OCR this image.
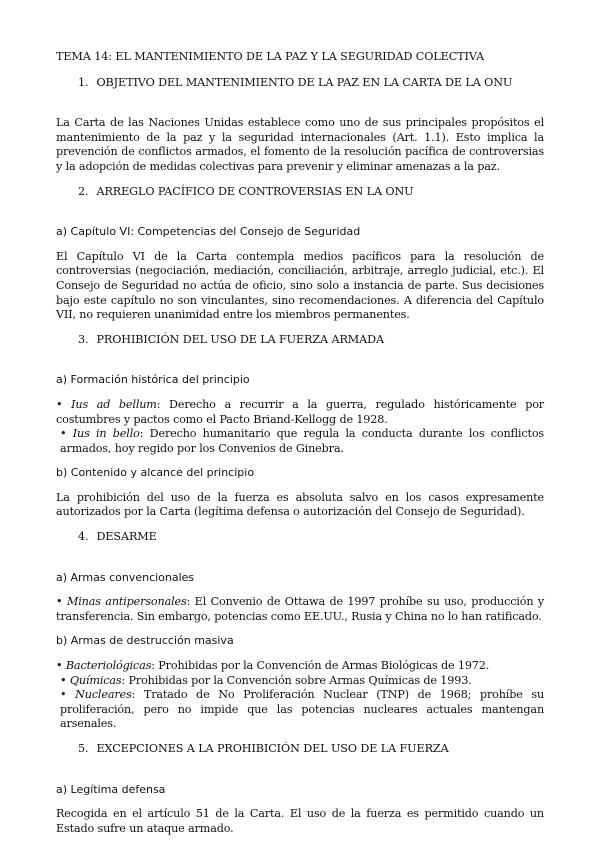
TEMA 14: EL MANTENIMIENTO DE LA PAZ Y LA SEGURIDAD COLECTIVA

1. OBJETIVO DEL MANTENIMIENTO DE LA PAZ EN LA CARTA DE LA ONU

La Carta de las Naciones Unidas establece como uno de sus principales propósitos el mantenimiento de la paz y la seguridad internacionales (Art. 1.1). Esto implica la prevención de conflictos armados, el fomento de la resolución pacífica de controversias y la adopción de medidas colectivas para prevenir y eliminar amenazas a la paz.

2. ARREGLO PACÍFICO DE CONTROVERSIAS EN LA ONU

a) Capítulo VI: Competencias del Consejo de Seguridad

El Capítulo VI de la Carta contempla medios pacíficos para la resolución de controversias (negociación, mediación, conciliación, arbitraje, arreglo judicial, etc.). El Consejo de Seguridad no actúa de oficio, sino solo a instancia de parte. Sus decisiones bajo este capítulo no son vinculantes, sino recomendaciones. A diferencia del Capítulo VII, no requieren unanimidad entre los miembros permanentes.

3. PROHIBICIÓN DEL USO DE LA FUERZA ARMADA

a) Formación histórica del principio

• Ius ad bellum: Derecho a recurrir a la guerra, regulado históricamente por costumbres y pactos como el Pacto Briand-Kellogg de 1928.
• Ius in bello: Derecho humanitario que regula la conducta durante los conflictos armados, hoy regido por los Convenios de Ginebra.

b) Contenido y alcance del principio

La prohibición del uso de la fuerza es absoluta salvo en los casos expresamente autorizados por la Carta (legítima defensa o autorización del Consejo de Seguridad).

4. DESARME

a) Armas convencionales

• Minas antipersonales: El Convenio de Ottawa de 1997 prohíbe su uso, producción y transferencia. Sin embargo, potencias como EE.UU., Rusia y China no lo han ratificado.

b) Armas de destrucción masiva

• Bacteriológicas: Prohibidas por la Convención de Armas Biológicas de 1972.
• Químicas: Prohibidas por la Convención sobre Armas Químicas de 1993.
• Nucleares: Tratado de No Proliferación Nuclear (TNP) de 1968; prohíbe su proliferación, pero no impide que las potencias nucleares actuales mantengan arsenales.

5. EXCEPCIONES A LA PROHIBICIÓN DEL USO DE LA FUERZA

a) Legítima defensa

Recogida en el artículo 51 de la Carta. El uso de la fuerza es permitido cuando un Estado sufre un ataque armado.
